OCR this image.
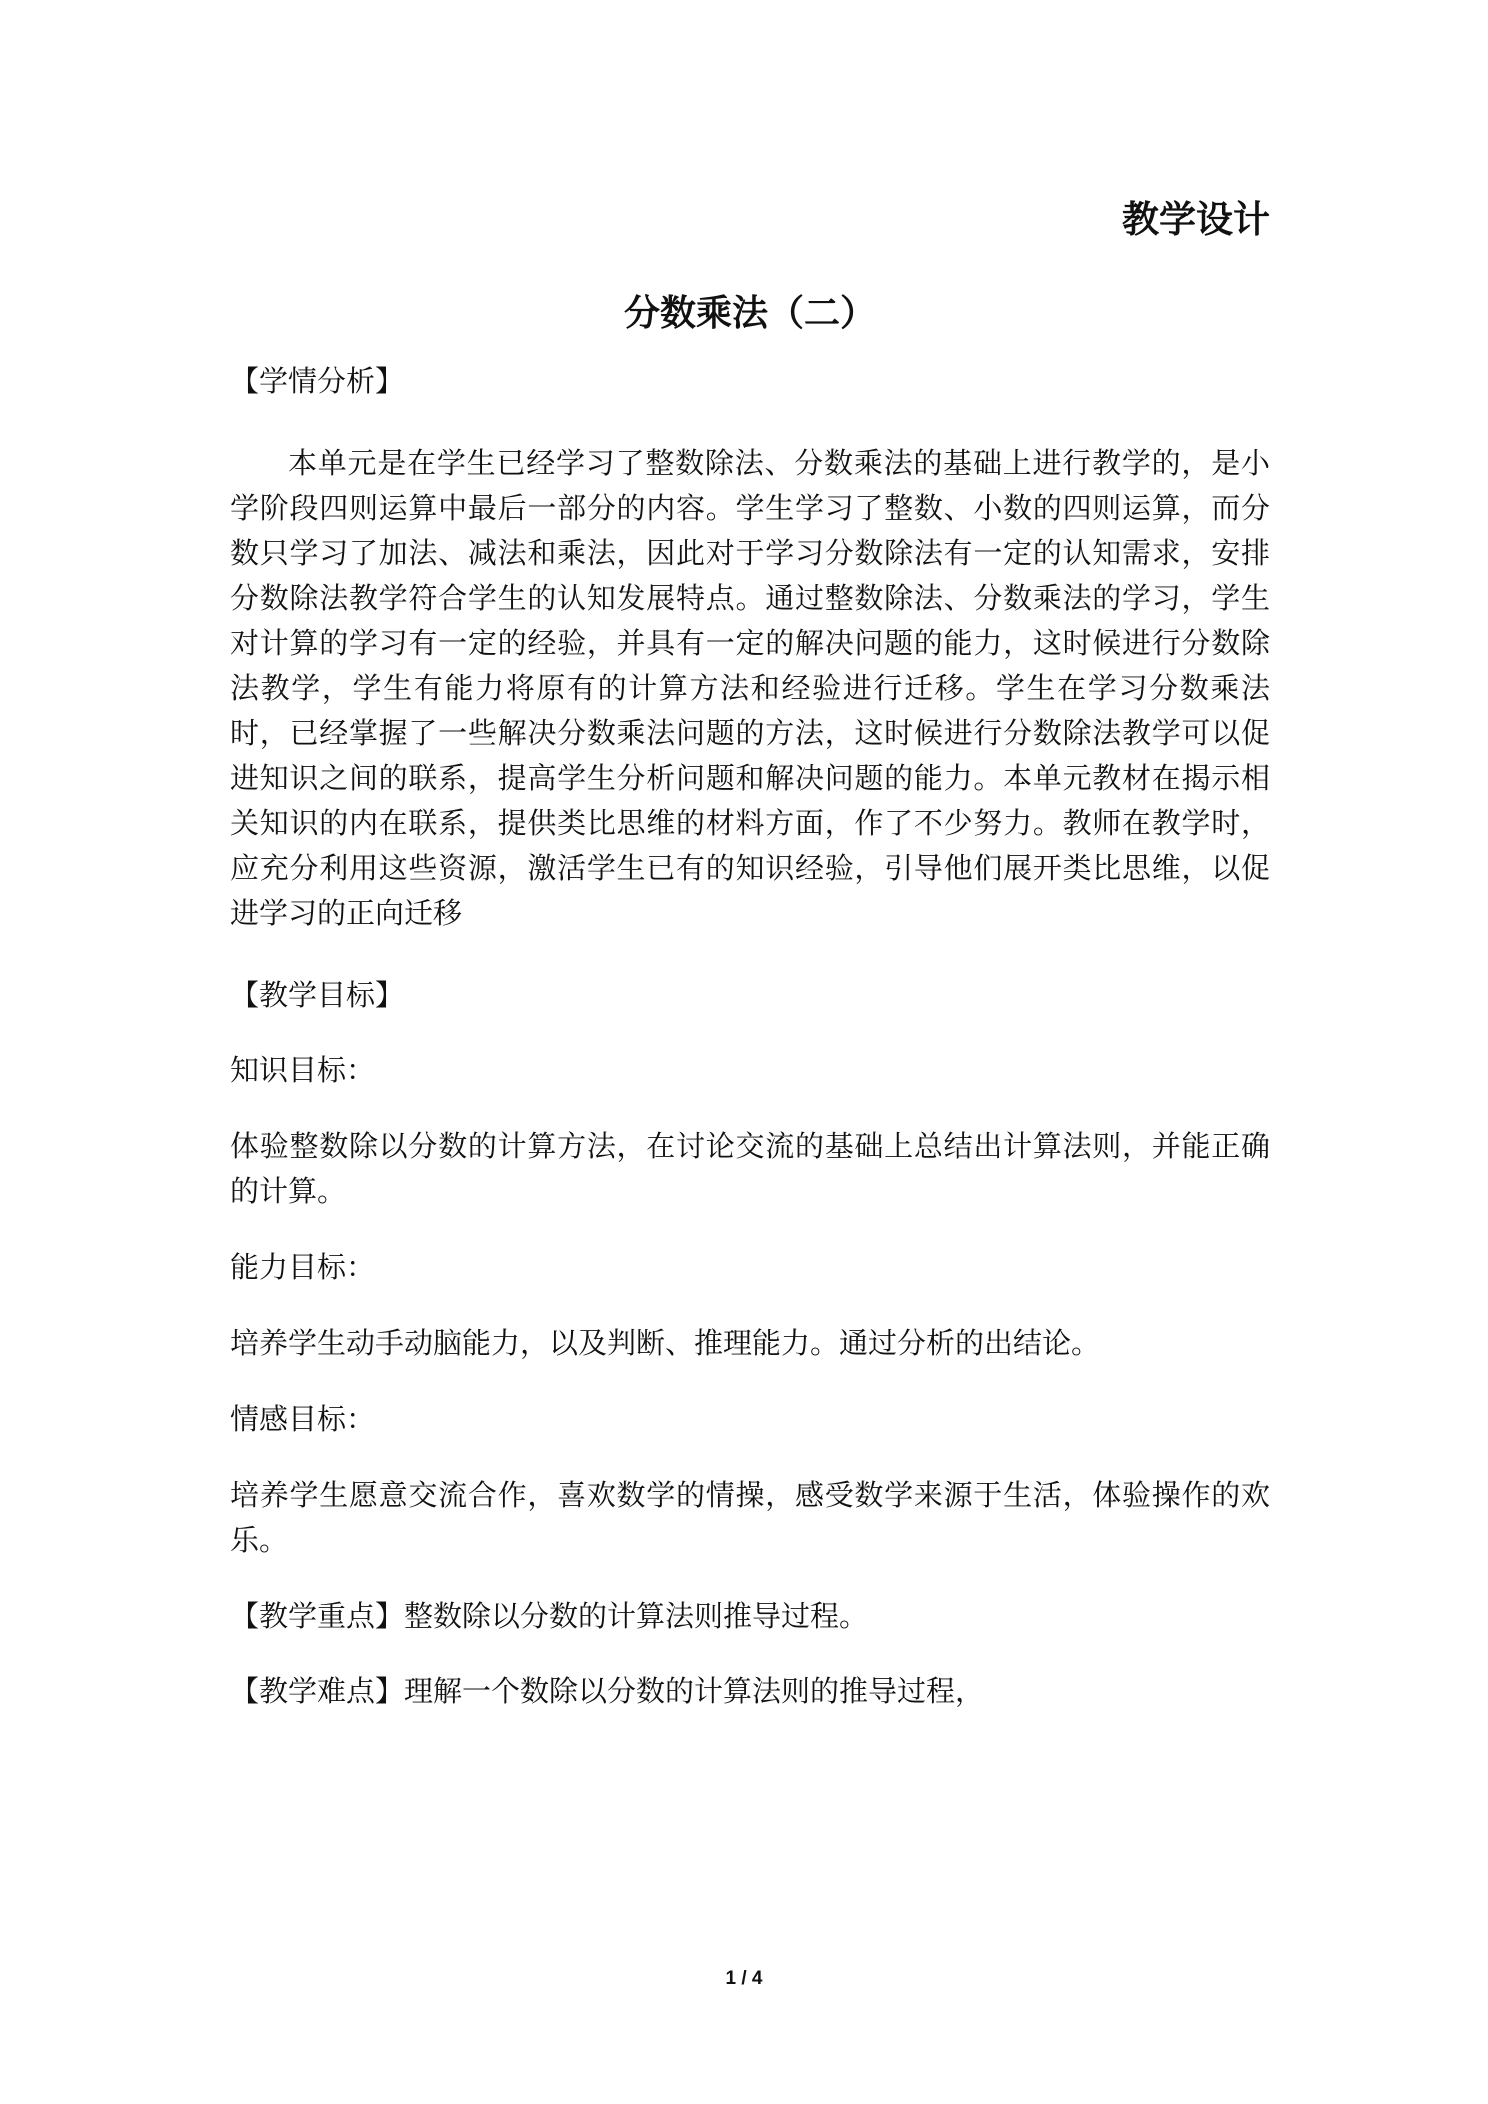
教学设计
分数乘法（二）
【学情分析】

本单元是在学生已经学习了整数除法、分数乘法的基础上进行教学的，是小学阶段四则运算中最后一部分的内容。学生学习了整数、小数的四则运算，而分数只学习了加法、减法和乘法，因此对于学习分数除法有一定的认知需求，安排分数除法教学符合学生的认知发展特点。通过整数除法、分数乘法的学习，学生对计算的学习有一定的经验，并具有一定的解决问题的能力，这时候进行分数除法教学，学生有能力将原有的计算方法和经验进行迁移。学生在学习分数乘法时，已经掌握了一些解决分数乘法问题的方法，这时候进行分数除法教学可以促进知识之间的联系，提高学生分析问题和解决问题的能力。本单元教材在揭示相关知识的内在联系，提供类比思维的材料方面，作了不少努力。教师在教学时，应充分利用这些资源，激活学生已有的知识经验，引导他们展开类比思维，以促进学习的正向迁移

【教学目标】
知识目标：

体验整数除以分数的计算方法，在讨论交流的基础上总结出计算法则，并能正确的计算。

能力目标：

培养学生动手动脑能力，以及判断、推理能力。通过分析的出结论。

情感目标：

培养学生愿意交流合作，喜欢数学的情操，感受数学来源于生活，体验操作的欢乐。

【教学重点】整数除以分数的计算法则推导过程。
【教学难点】理解一个数除以分数的计算法则的推导过程，
1 / 4
